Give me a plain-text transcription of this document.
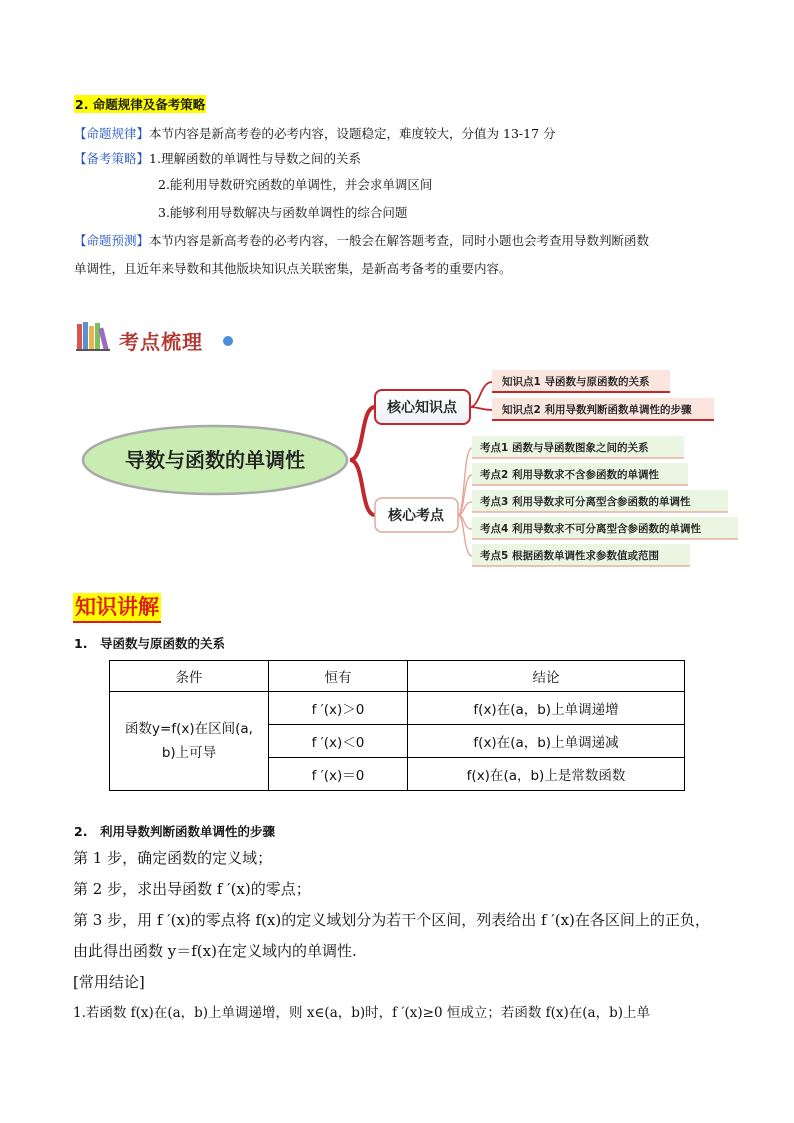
2. 命题规律及备考策略
【命题规律】本节内容是新高考卷的必考内容，设题稳定，难度较大，分值为 13-17 分
【备考策略】1.理解函数的单调性与导数之间的关系
2.能利用导数研究函数的单调性，并会求单调区间
3.能够利用导数解决与函数单调性的综合问题
【命题预测】本节内容是新高考卷的必考内容，一般会在解答题考查，同时小题也会考查用导数判断函数
单调性，且近年来导数和其他版块知识点关联密集，是新高考备考的重要内容。
考点梳理
导数与函数的单调性
核心知识点
核心考点
知识点1 导函数与原函数的关系
知识点2 利用导数判断函数单调性的步骤
考点1 函数与导函数图象之间的关系
考点2 利用导数求不含参函数的单调性
考点3 利用导数求可分离型含参函数的单调性
考点4 利用导数求不可分离型含参函数的单调性
考点5 根据函数单调性求参数值或范围
知识讲解
1.　导函数与原函数的关系
条件	恒有	结论
函数y=f(x)在区间(a,
b)上可导	f ′(x)＞0	f(x)在(a，b)上单调递增
	f ′(x)＜0	f(x)在(a，b)上单调递减
	f ′(x)＝0	f(x)在(a，b)上是常数函数
2.　利用导数判断函数单调性的步骤
第 1 步，确定函数的定义域；
第 2 步，求出导函数 f ′(x)的零点；
第 3 步，用 f ′(x)的零点将 f(x)的定义域划分为若干个区间，列表给出 f ′(x)在各区间上的正负，
由此得出函数 y＝f(x)在定义域内的单调性.
[常用结论]
1.若函数 f(x)在(a，b)上单调递增，则 x∈(a，b)时，f ′(x)≥0 恒成立；若函数 f(x)在(a，b)上单
